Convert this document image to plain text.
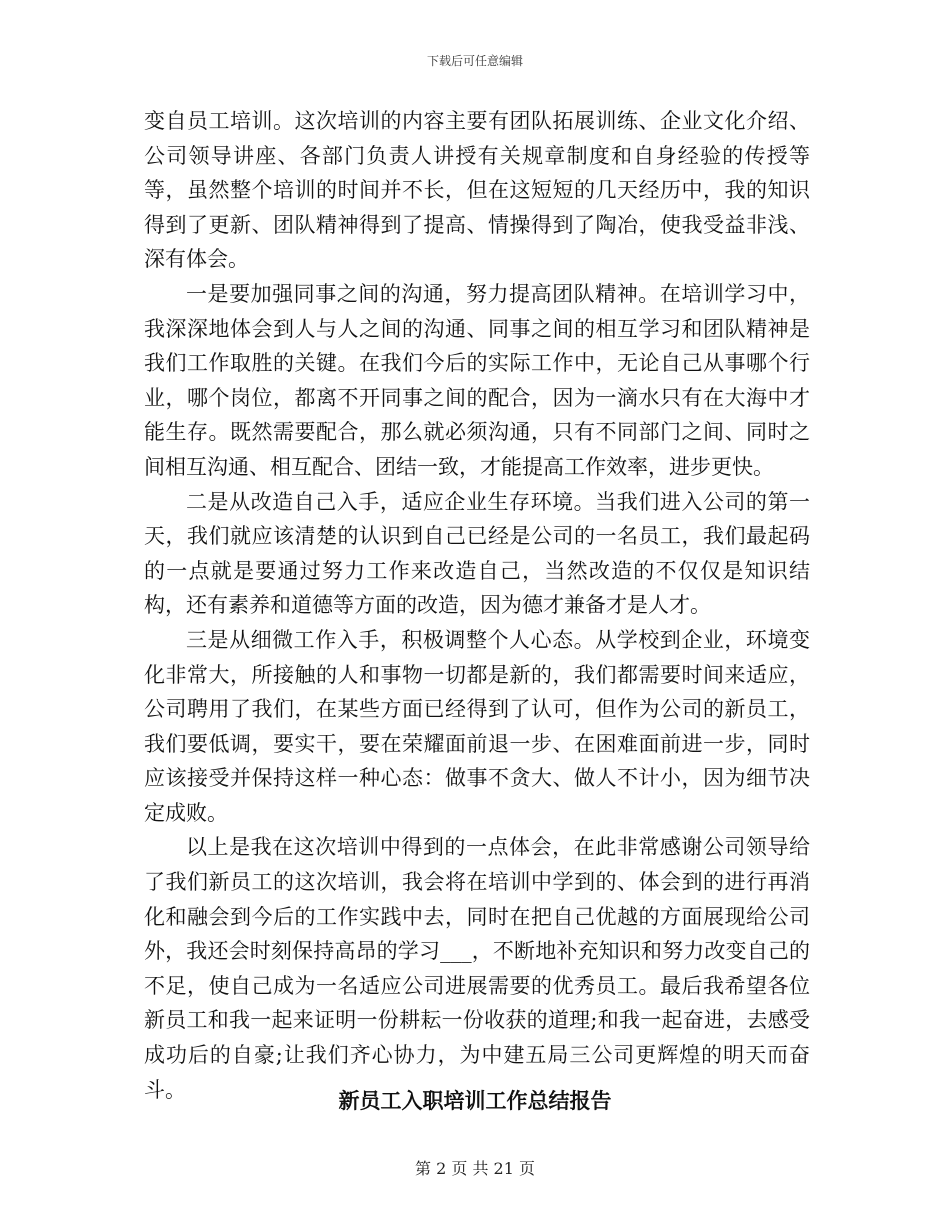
下载后可任意编辑

变自员工培训。这次培训的内容主要有团队拓展训练、企业文化介绍、公司领导讲座、各部门负责人讲授有关规章制度和自身经验的传授等等，虽然整个培训的时间并不长，但在这短短的几天经历中，我的知识得到了更新、团队精神得到了提高、情操得到了陶冶，使我受益非浅、深有体会。

一是要加强同事之间的沟通，努力提高团队精神。在培训学习中，我深深地体会到人与人之间的沟通、同事之间的相互学习和团队精神是我们工作取胜的关键。在我们今后的实际工作中，无论自己从事哪个行业，哪个岗位，都离不开同事之间的配合，因为一滴水只有在大海中才能生存。既然需要配合，那么就必须沟通，只有不同部门之间、同时之间相互沟通、相互配合、团结一致，才能提高工作效率，进步更快。

二是从改造自己入手，适应企业生存环境。当我们进入公司的第一天，我们就应该清楚的认识到自己已经是公司的一名员工，我们最起码的一点就是要通过努力工作来改造自己，当然改造的不仅仅是知识结构，还有素养和道德等方面的改造，因为德才兼备才是人才。

三是从细微工作入手，积极调整个人心态。从学校到企业，环境变化非常大，所接触的人和事物一切都是新的，我们都需要时间来适应，公司聘用了我们，在某些方面已经得到了认可，但作为公司的新员工，我们要低调，要实干，要在荣耀面前退一步、在困难面前进一步，同时应该接受并保持这样一种心态：做事不贪大、做人不计小，因为细节决定成败。

以上是我在这次培训中得到的一点体会，在此非常感谢公司领导给了我们新员工的这次培训，我会将在培训中学到的、体会到的进行再消化和融会到今后的工作实践中去，同时在把自己优越的方面展现给公司外，我还会时刻保持高昂的学习___，不断地补充知识和努力改变自己的不足，使自己成为一名适应公司进展需要的优秀员工。最后我希望各位新员工和我一起来证明一份耕耘一份收获的道理;和我一起奋进，去感受成功后的自豪;让我们齐心协力，为中建五局三公司更辉煌的明天而奋斗。	新员工入职培训工作总结报告
第 2 页 共 21 页
